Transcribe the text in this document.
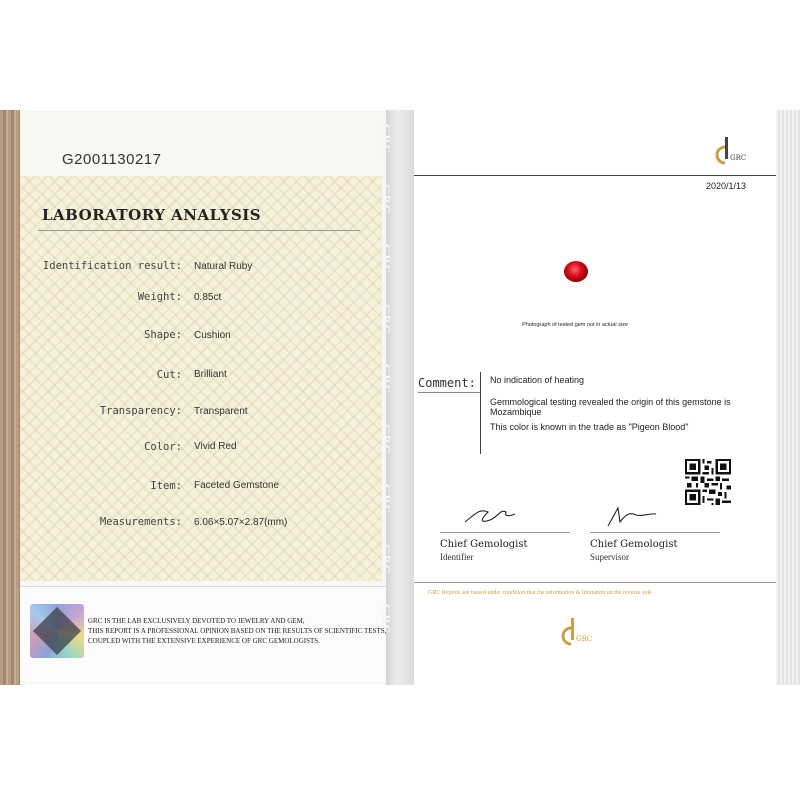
GRC
GRC
GRC
GRC
GRC
GRC
GRC
GRC
GRC
G2001130217
LABORATORY ANALYSIS
Identification result: Natural Ruby
Weight: 0.85ct
Shape: Cushion
Cut: Brilliant
Transparency: Transparent
Color: Vivid Red
Item: Faceted Gemstone
Measurements: 6.06×5.07×2.87(mm)
GRC IS THE LAB EXCLUSIVELY DEVOTED TO JEWELRY AND GEM,
THIS REPORT IS A PROFESSIONAL OPINION BASED ON THE RESULTS OF SCIENTIFIC TESTS,
COUPLED WITH THE EXTENSIVE EXPERIENCE OF GRC GEMOLOGISTS.
GRC
2020/1/13
Photograph of tested gem not in actual size
Comment: No indication of heating
Gemmological testing revealed the origin of this gemstone is
Mozambique
This color is known in the trade as "Pigeon Blood"
Chief Gemologist
Identifier
Chief Gemologist
Supervisor
GRC Reports are issued under condition that the information & limitation on the reverse side.
GRC
